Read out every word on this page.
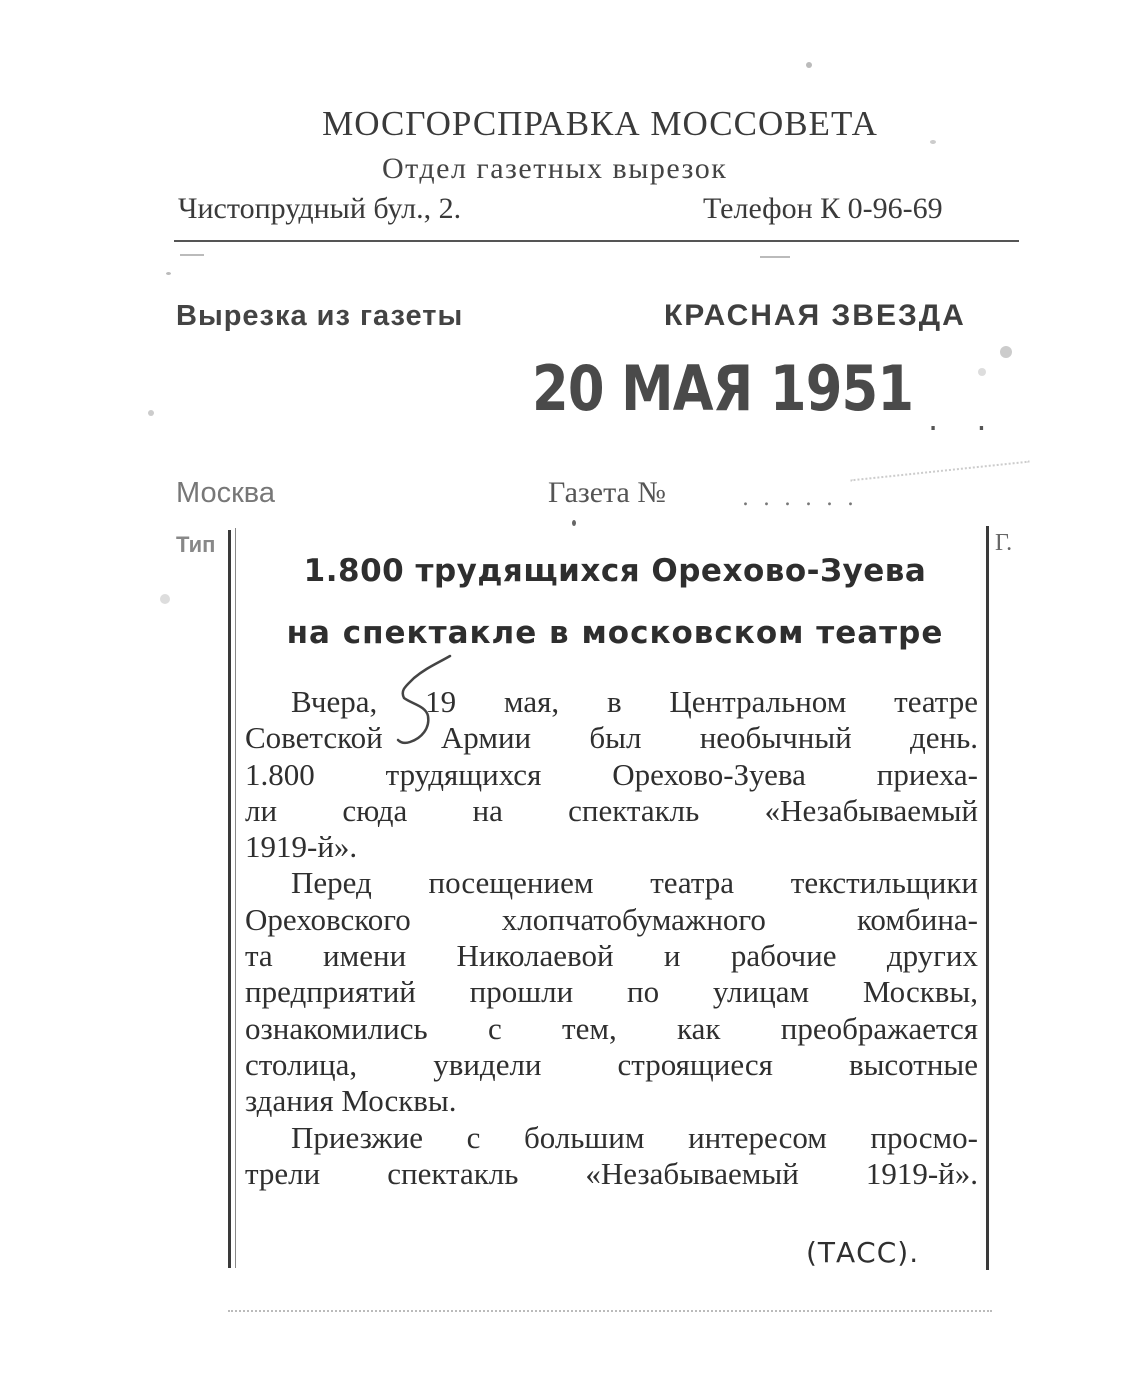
МОСГОРСПРАВКА МОССОВЕТА
Отдел газетных вырезок
Чистопрудный бул., 2.	Телефон К 0-96-69
Вырезка из газеты	КРАСНАЯ ЗВЕЗДА
20 МАЯ 1951 . .
Москва	Газета №	......
Тип	Г.
1.800 трудящихся Орехово-Зуева
на спектакле в московском театре
Вчера, 19 мая, в Центральном театре
Советской Армии был необычный день.
1.800 трудящихся Орехово-Зуева приеха-
ли сюда на спектакль «Незабываемый
1919-й».
Перед посещением театра текстильщики
Ореховского хлопчатобумажного комбина-
та имени Николаевой и рабочие других
предприятий прошли по улицам Москвы,
ознакомились с тем, как преображается
столица, увидели строящиеся высотные
здания Москвы.
Приезжие с большим интересом просмо-
трели спектакль «Незабываемый 1919-й».
(ТАСС).
